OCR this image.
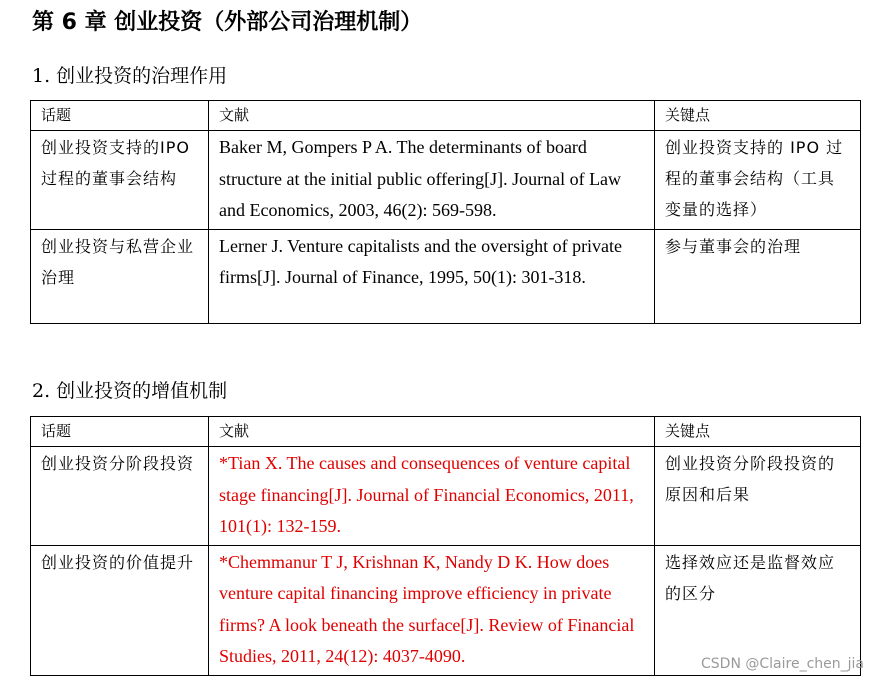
第 6 章 创业投资（外部公司治理机制）
1. 创业投资的治理作用
话题	文献	关键点
创业投资支持的IPO过程的董事会结构	Baker M, Gompers P A. The determinants of board structure at the initial public offering[J]. Journal of Law and Economics, 2003, 46(2): 569-598.	创业投资支持的 IPO 过程的董事会结构（工具变量的选择）
创业投资与私营企业治理	Lerner J. Venture capitalists and the oversight of private firms[J]. Journal of Finance, 1995, 50(1): 301-318.	参与董事会的治理
2. 创业投资的增值机制
话题	文献	关键点
创业投资分阶段投资	*Tian X. The causes and consequences of venture capital stage financing[J]. Journal of Financial Economics, 2011, 101(1): 132-159.	创业投资分阶段投资的原因和后果
创业投资的价值提升	*Chemmanur T J, Krishnan K, Nandy D K. How does venture capital financing improve efficiency in private firms? A look beneath the surface[J]. Review of Financial Studies, 2011, 24(12): 4037-4090.	选择效应还是监督效应的区分
CSDN @Claire_chen_jia
